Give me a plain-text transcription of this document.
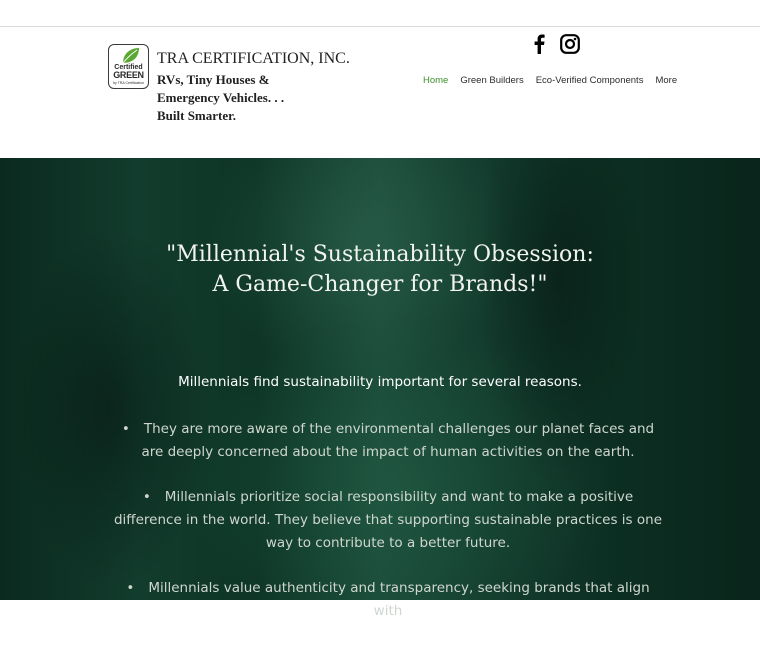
Certified
GREEN
by TRA Certification
TRA CERTIFICATION, INC.

RVs, Tiny Houses &
Emergency Vehicles. . .
Built Smarter.

Home Green Builders Eco-Verified Components More
"Millennial's Sustainability Obsession:
A Game-Changer for Brands!"

Millennials find sustainability important for several reasons.

• They are more aware of the environmental challenges our planet faces and are deeply concerned about the impact of human activities on the earth.
• Millennials prioritize social responsibility and want to make a positive difference in the world. They believe that supporting sustainable practices is one way to contribute to a better future.
• Millennials value authenticity and transparency, seeking brands that align with
